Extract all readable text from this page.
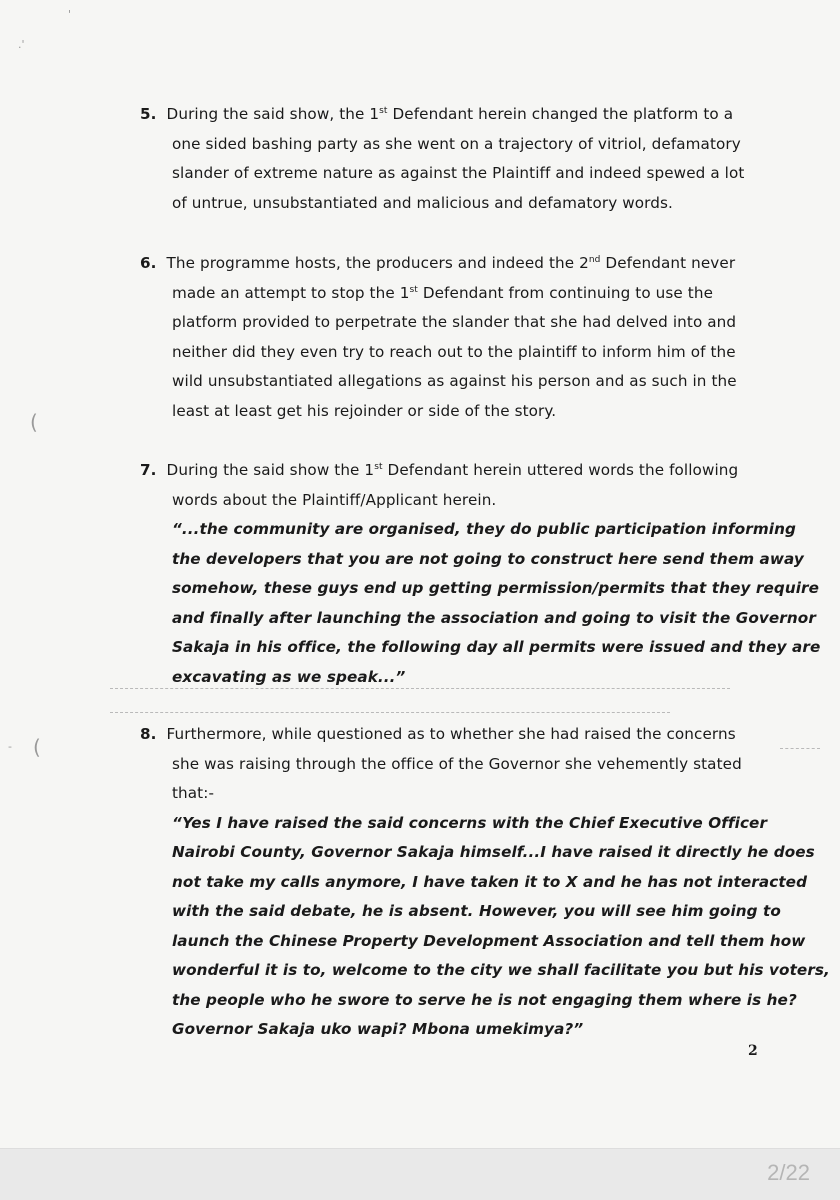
'
.'
(
(
-
5. During the said show, the 1st Defendant herein changed the platform to a
one sided bashing party as she went on a trajectory of vitriol, defamatory
slander of extreme nature as against the Plaintiff and indeed spewed a lot
of untrue, unsubstantiated and malicious and defamatory words.
6. The programme hosts, the producers and indeed the 2nd Defendant never
made an attempt to stop the 1st Defendant from continuing to use the
platform provided to perpetrate the slander that she had delved into and
neither did they even try to reach out to the plaintiff to inform him of the
wild unsubstantiated allegations as against his person and as such in the
least at least get his rejoinder or side of the story.
7. During the said show the 1st Defendant herein uttered words the following
words about the Plaintiff/Applicant herein.
“...the community are organised, they do public participation informing
the developers that you are not going to construct here send them away
somehow, these guys end up getting permission/permits that they require
and finally after launching the association and going to visit the Governor
Sakaja in his office, the following day all permits were issued and they are
excavating as we speak...”
8. Furthermore, while questioned as to whether she had raised the concerns
she was raising through the office of the Governor she vehemently stated
that:-
“Yes I have raised the said concerns with the Chief Executive Officer
Nairobi County, Governor Sakaja himself...I have raised it directly he does
not take my calls anymore, I have taken it to X and he has not interacted
with the said debate, he is absent. However, you will see him going to
launch the Chinese Property Development Association and tell them how
wonderful it is to, welcome to the city we shall facilitate you but his voters,
the people who he swore to serve he is not engaging them where is he?
Governor Sakaja uko wapi? Mbona umekimya?”
2
2/22
